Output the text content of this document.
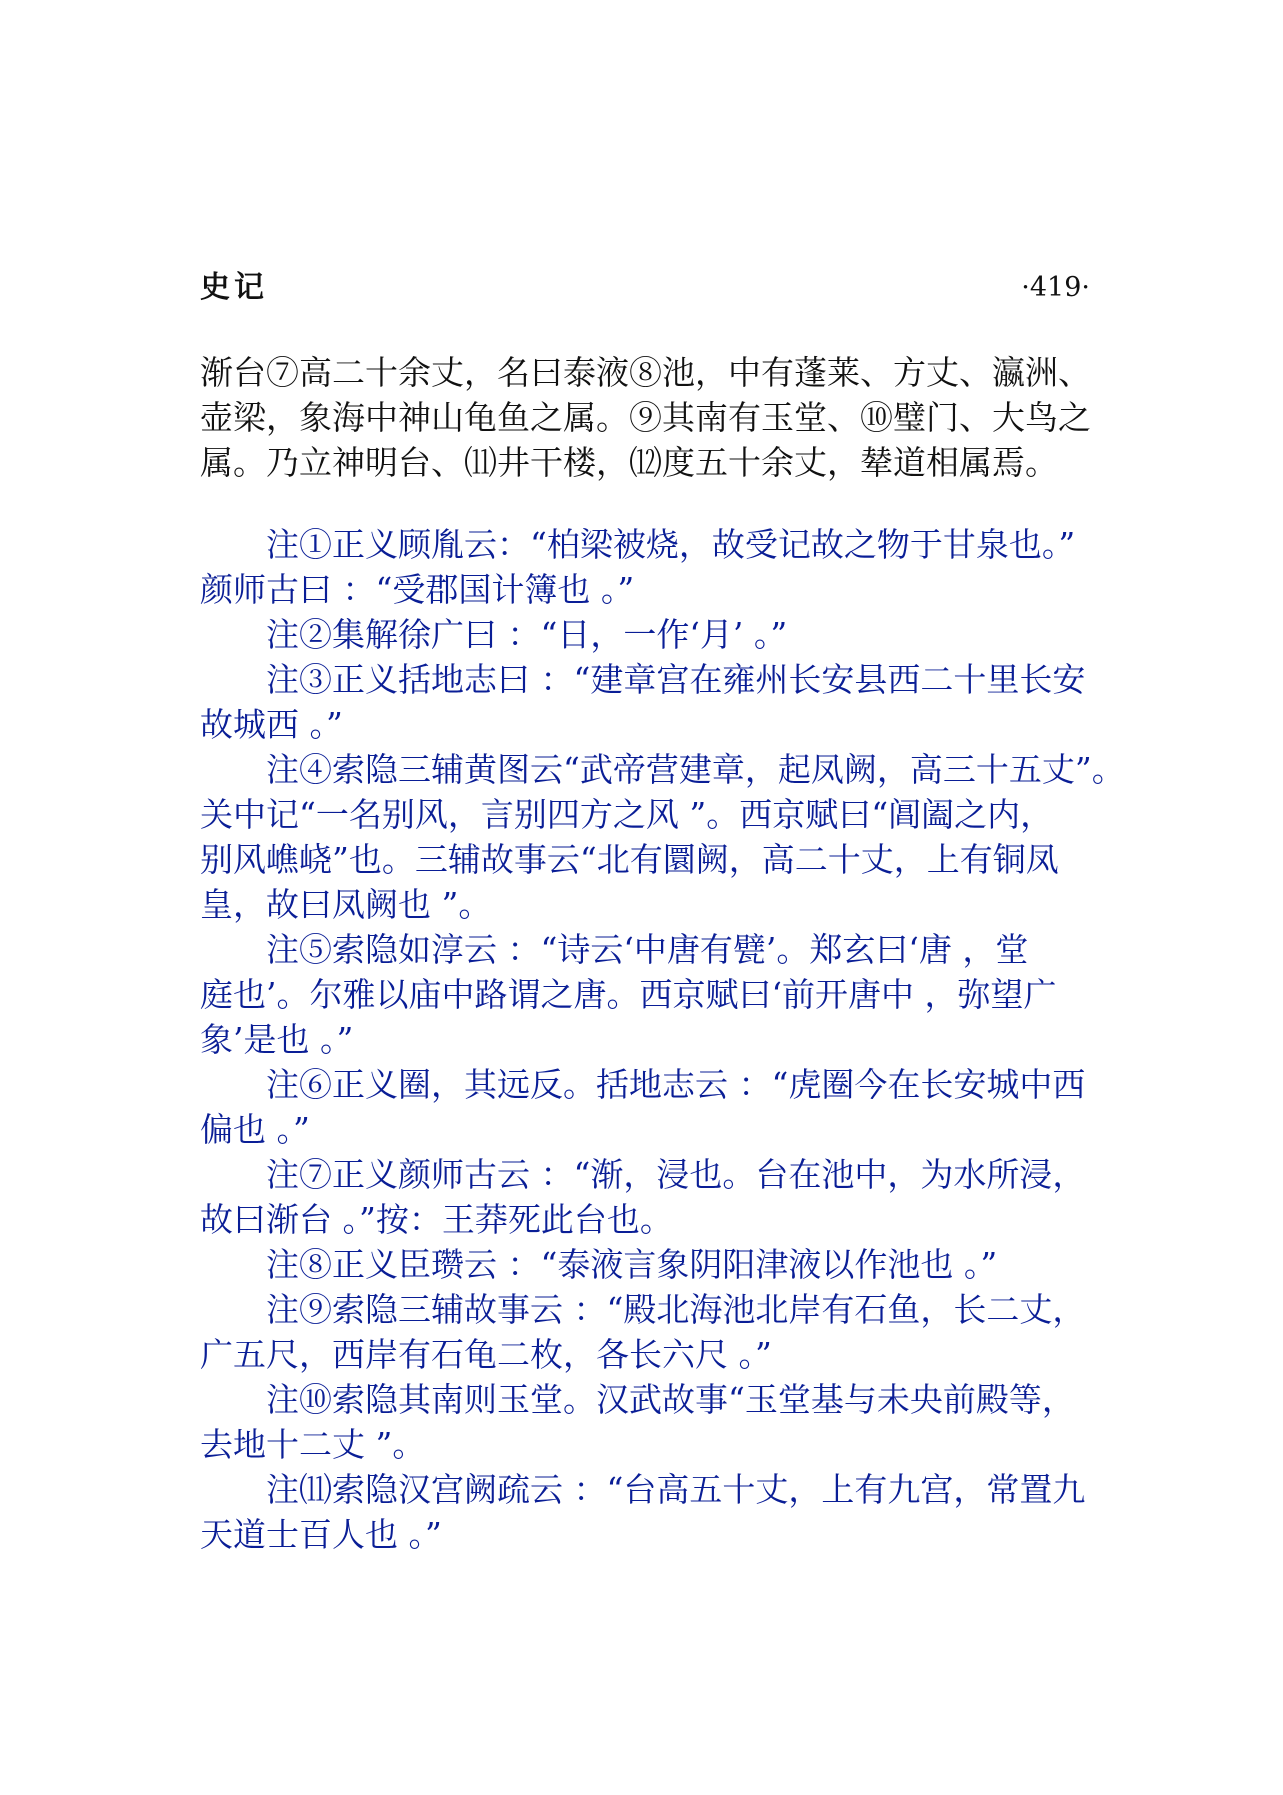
史记	·419·
渐台⑦高二十余丈，名曰泰液⑧池，中有蓬莱、方丈、瀛洲、
壶梁，象海中神山龟鱼之属。⑨其南有玉堂、⑩璧门、大鸟之
属。乃立神明台、⑾井干楼，⑿度五十余丈，辇道相属焉。
注①正义顾胤云：“柏梁被烧，故受记故之物于甘泉也。”
颜师古曰 ：“受郡国计簿也 。”
注②集解徐广曰 ：“日，一作‘月’ 。”
注③正义括地志曰 ：“建章宫在雍州长安县西二十里长安
故城西 。”
注④索隐三辅黄图云“武帝营建章，起凤阙，高三十五丈”。
关中记“一名别风，言别四方之风 ”。西京赋曰“阊阖之内，
别风嶕峣”也。三辅故事云“北有圜阙，高二十丈，上有铜凤
皇，故曰凤阙也 ”。
注⑤索隐如淳云 ：“诗云‘中唐有甓’。郑玄曰‘唐 ，堂
庭也’。尔雅以庙中路谓之唐。西京赋曰‘前开唐中 ，弥望广
象’是也 。”
注⑥正义圈，其远反。括地志云 ：“虎圈今在长安城中西
偏也 。”
注⑦正义颜师古云 ：“渐，浸也。台在池中，为水所浸，
故曰渐台 。”按：王莽死此台也。
注⑧正义臣瓒云 ：“泰液言象阴阳津液以作池也 。”
注⑨索隐三辅故事云 ：“殿北海池北岸有石鱼，长二丈，
广五尺，西岸有石龟二枚，各长六尺 。”
注⑩索隐其南则玉堂。汉武故事“玉堂基与未央前殿等，
去地十二丈 ”。
注⑾索隐汉宫阙疏云 ：“台高五十丈，上有九宫，常置九
天道士百人也 。”
